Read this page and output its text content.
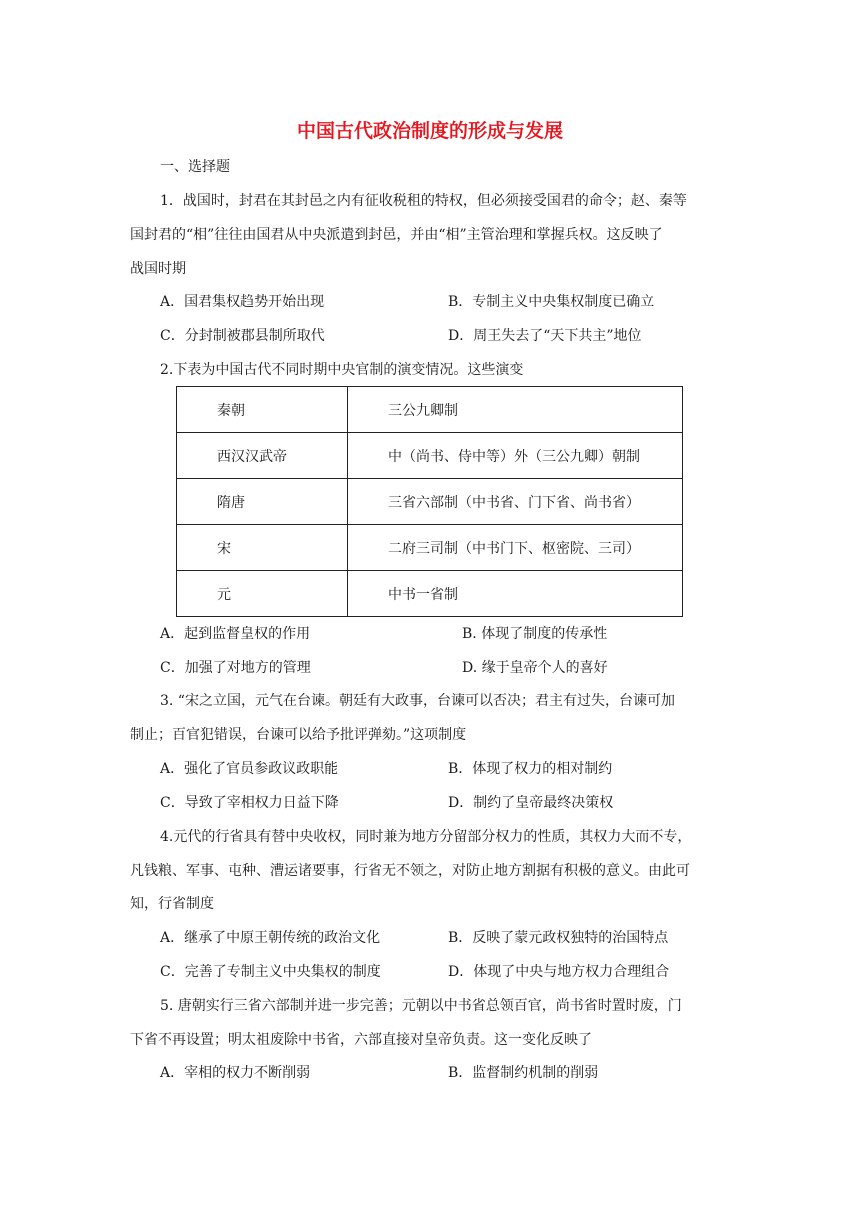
中国古代政治制度的形成与发展
一、选择题
1．战国时，封君在其封邑之内有征收税租的特权，但必须接受国君的命令；赵、秦等
国封君的“相”往往由国君从中央派遣到封邑，并由“相”主管治理和掌握兵权。这反映了
战国时期
A．国君集权趋势开始出现	B．专制主义中央集权制度已确立
C．分封制被郡县制所取代	D．周王失去了“天下共主”地位
2.下表为中国古代不同时期中央官制的演变情况。这些演变
秦朝	三公九卿制
西汉汉武帝	中（尚书、侍中等）外（三公九卿）朝制
隋唐	三省六部制（中书省、门下省、尚书省）
宋	二府三司制（中书门下、枢密院、三司）
元	中书一省制
A．起到监督皇权的作用	B. 体现了制度的传承性
C．加强了对地方的管理	D. 缘于皇帝个人的喜好
3. “宋之立国，元气在台谏。朝廷有大政事，台谏可以否决；君主有过失，台谏可加
制止；百官犯错误，台谏可以给予批评弹劾。”这项制度
A．强化了官员参政议政职能	B．体现了权力的相对制约
C．导致了宰相权力日益下降	D．制约了皇帝最终决策权
4.元代的行省具有替中央收权，同时兼为地方分留部分权力的性质，其权力大而不专，
凡钱粮、军事、屯种、漕运诸要事，行省无不领之，对防止地方割据有积极的意义。由此可
知，行省制度
A．继承了中原王朝传统的政治文化	B．反映了蒙元政权独特的治国特点
C．完善了专制主义中央集权的制度	D．体现了中央与地方权力合理组合
5. 唐朝实行三省六部制并进一步完善；元朝以中书省总领百官，尚书省时置时废，门
下省不再设置；明太祖废除中书省，六部直接对皇帝负责。这一变化反映了
A．宰相的权力不断削弱	B．监督制约机制的削弱
